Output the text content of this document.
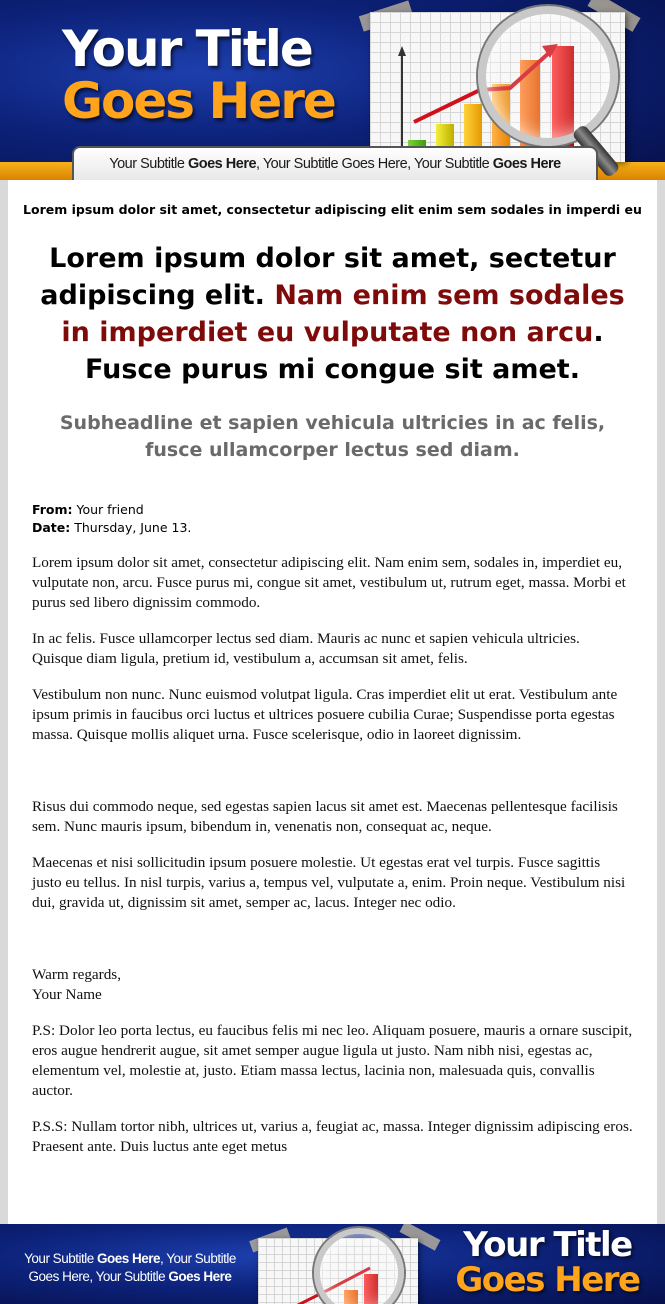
Your Title
Goes Here
Your Subtitle Goes Here, Your Subtitle Goes Here, Your Subtitle Goes Here
Lorem ipsum dolor sit amet, consectetur adipiscing elit enim sem sodales in imperdi eu
Lorem ipsum dolor sit amet, sectetur adipiscing elit. Nam enim sem sodales in imperdiet eu vulputate non arcu. Fusce purus mi congue sit amet.
Subheadline et sapien vehicula ultricies in ac felis, fusce ullamcorper lectus sed diam.
From: Your friend
Date: Thursday, June 13.

Lorem ipsum dolor sit amet, consectetur adipiscing elit. Nam enim sem, sodales in, imperdiet eu, vulputate non, arcu. Fusce purus mi, congue sit amet, vestibulum ut, rutrum eget, massa. Morbi et purus sed libero dignissim commodo.

In ac felis. Fusce ullamcorper lectus sed diam. Mauris ac nunc et sapien vehicula ultricies. Quisque diam ligula, pretium id, vestibulum a, accumsan sit amet, felis.

Vestibulum non nunc. Nunc euismod volutpat ligula. Cras imperdiet elit ut erat. Vestibulum ante ipsum primis in faucibus orci luctus et ultrices posuere cubilia Curae; Suspendisse porta egestas massa. Quisque mollis aliquet urna. Fusce scelerisque, odio in laoreet dignissim.

Risus dui commodo neque, sed egestas sapien lacus sit amet est. Maecenas pellentesque facilisis sem. Nunc mauris ipsum, bibendum in, venenatis non, consequat ac, neque.

Maecenas et nisi sollicitudin ipsum posuere molestie. Ut egestas erat vel turpis. Fusce sagittis justo eu tellus. In nisl turpis, varius a, tempus vel, vulputate a, enim. Proin neque. Vestibulum nisi dui, gravida ut, dignissim sit amet, semper ac, lacus. Integer nec odio.

Warm regards,
Your Name

P.S: Dolor leo porta lectus, eu faucibus felis mi nec leo. Aliquam posuere, mauris a ornare suscipit, eros augue hendrerit augue, sit amet semper augue ligula ut justo. Nam nibh nisi, egestas ac, elementum vel, molestie at, justo. Etiam massa lectus, lacinia non, malesuada quis, convallis auctor.

P.S.S: Nullam tortor nibh, ultrices ut, varius a, feugiat ac, massa. Integer dignissim adipiscing eros. Praesent ante. Duis luctus ante eget metus

Your Subtitle Goes Here, Your Subtitle Goes Here, Your Subtitle Goes Here
Your Title
Goes Here
